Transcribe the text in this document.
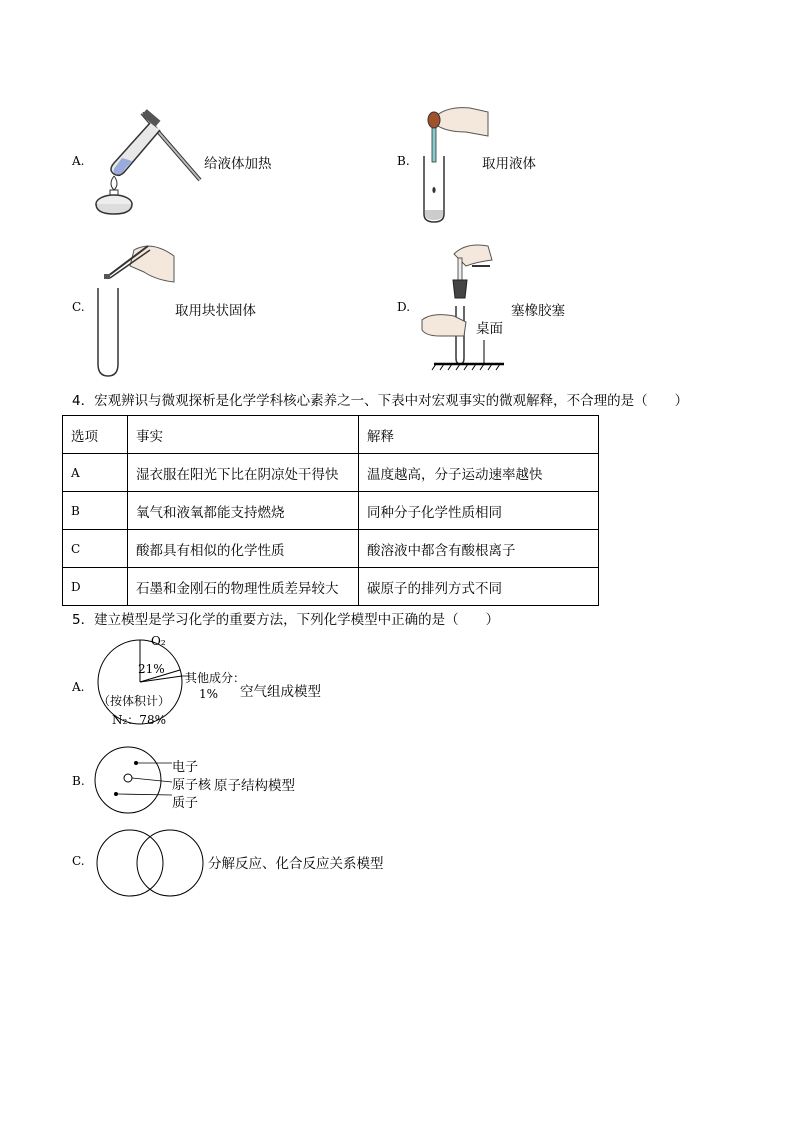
A.	给液体加热	B.	取用液体
C.	取用块状固体	D.	塞橡胶塞
桌面
4．宏观辨识与微观探析是化学学科核心素养之一、下表中对宏观事实的微观解释，不合理的是（　　）
选项	事实	解释
A	湿衣服在阳光下比在阴凉处干得快	温度越高，分子运动速率越快
B	氧气和液氧都能支持燃烧	同种分子化学性质相同
C	酸都具有相似的化学性质	酸溶液中都含有酸根离子
D	石墨和金刚石的物理性质差异较大	碳原子的排列方式不同
5．建立模型是学习化学的重要方法，下列化学模型中正确的是（　　）
A.
O₂
21%
其他成分：
1%
（按体积计）
N₂：78%
空气组成模型
B.
电子
原子核
质子
原子结构模型
C.	分解反应、化合反应关系模型
